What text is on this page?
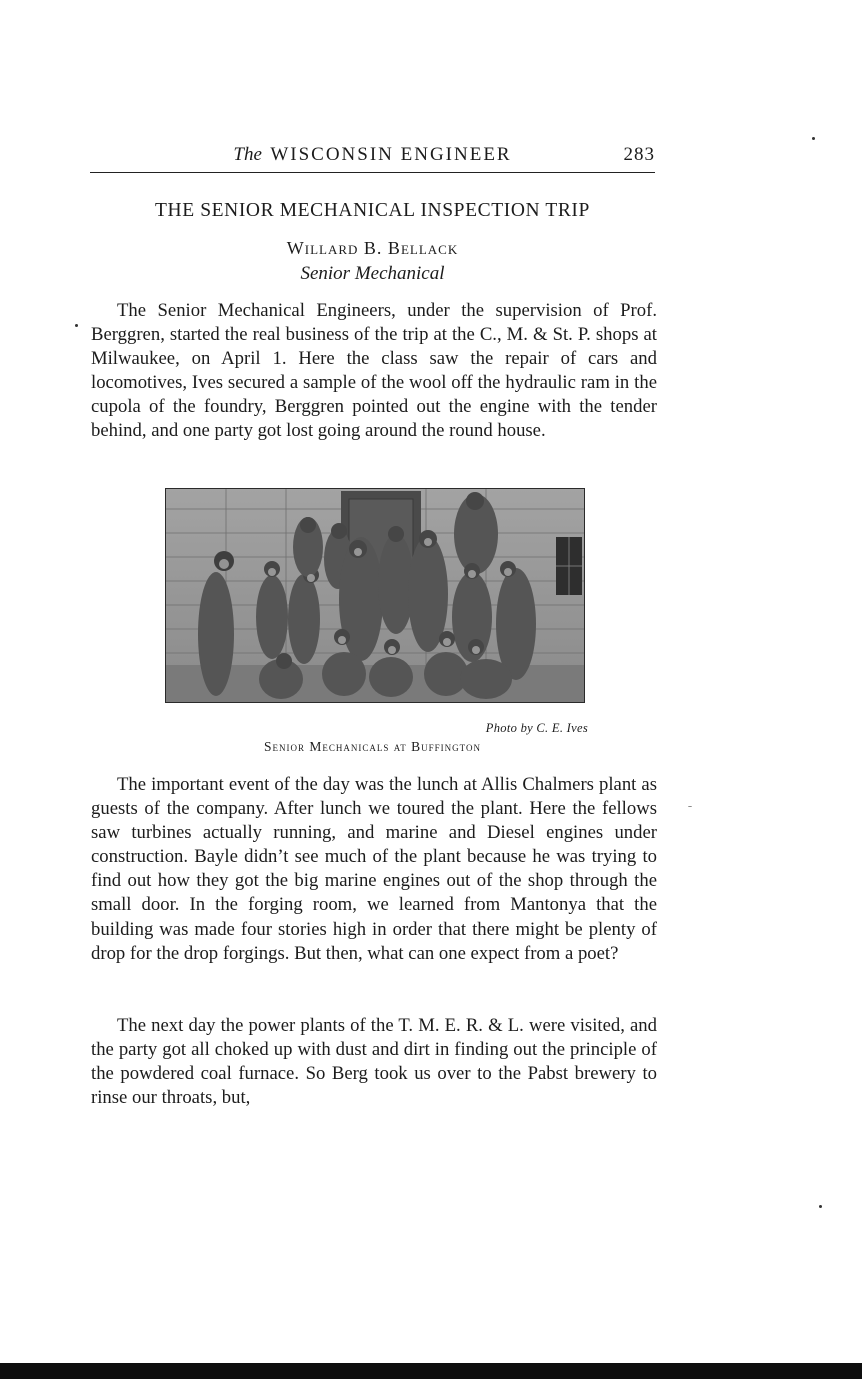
The WISCONSIN ENGINEER	283
THE SENIOR MECHANICAL INSPECTION TRIP
Willard B. Bellack
Senior Mechanical

The Senior Mechanical Engineers, under the supervision of Prof. Berggren, started the real business of the trip at the C., M. & St. P. shops at Milwaukee, on April 1. Here the class saw the repair of cars and locomotives, Ives secured a sample of the wool off the hydraulic ram in the cupola of the foundry, Berggren pointed out the engine with the tender behind, and one party got lost going around the round house.

Photo by C. E. Ives
Senior Mechanicals at Buffington

The important event of the day was the lunch at Allis Chalmers plant as guests of the company. After lunch we toured the plant. Here the fellows saw turbines actually running, and marine and Diesel engines under construction. Bayle didn’t see much of the plant because he was trying to find out how they got the big marine engines out of the shop through the small door. In the forging room, we learned from Mantonya that the building was made four stories high in order that there might be plenty of drop for the drop forgings. But then, what can one expect from a poet?

The next day the power plants of the T. M. E. R. & L. were visited, and the party got all choked up with dust and dirt in finding out the principle of the powdered coal furnace. So Berg took us over to the Pabst brewery to rinse our throats, but,
